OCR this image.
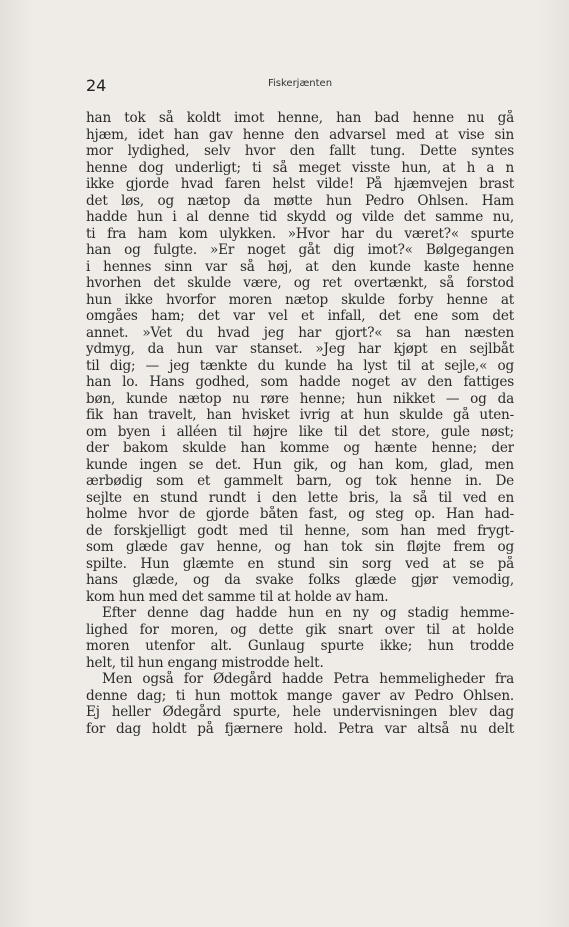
24	Fiskerjænten
han tok så koldt imot henne, han bad henne nu gå
hjæm, idet han gav henne den advarsel med at vise sin
mor lydighed, selv hvor den fallt tung. Dette syntes
henne dog underligt; ti så meget visste hun, at h a n
ikke gjorde hvad faren helst vilde! På hjæmvejen brast
det løs, og nætop da møtte hun Pedro Ohlsen. Ham
hadde hun i al denne tid skydd og vilde det samme nu,
ti fra ham kom ulykken. »Hvor har du været?« spurte
han og fulgte. »Er noget gåt dig imot?« Bølgegangen
i hennes sinn var så høj, at den kunde kaste henne
hvorhen det skulde være, og ret overtænkt, så forstod
hun ikke hvorfor moren nætop skulde forby henne at
omgåes ham; det var vel et infall, det ene som det
annet. »Vet du hvad jeg har gjort?« sa han næsten
ydmyg, da hun var stanset. »Jeg har kjøpt en sejlbåt
til dig; — jeg tænkte du kunde ha lyst til at sejle,« og
han lo. Hans godhed, som hadde noget av den fattiges
bøn, kunde nætop nu røre henne; hun nikket — og da
fik han travelt, han hvisket ivrig at hun skulde gå uten-
om byen i alléen til højre like til det store, gule nøst;
der bakom skulde han komme og hænte henne; der
kunde ingen se det. Hun gik, og han kom, glad, men
ærbødig som et gammelt barn, og tok henne in. De
sejlte en stund rundt i den lette bris, la så til ved en
holme hvor de gjorde båten fast, og steg op. Han had-
de forskjelligt godt med til henne, som han med frygt-
som glæde gav henne, og han tok sin fløjte frem og
spilte. Hun glæmte en stund sin sorg ved at se på
hans glæde, og da svake folks glæde gjør vemodig,
kom hun med det samme til at holde av ham.
Efter denne dag hadde hun en ny og stadig hemme-
lighed for moren, og dette gik snart over til at holde
moren utenfor alt. Gunlaug spurte ikke; hun trodde
helt, til hun engang mistrodde helt.
Men også for Ødegård hadde Petra hemmeligheder fra
denne dag; ti hun mottok mange gaver av Pedro Ohlsen.
Ej heller Ødegård spurte, hele undervisningen blev dag
for dag holdt på fjærnere hold. Petra var altså nu delt
